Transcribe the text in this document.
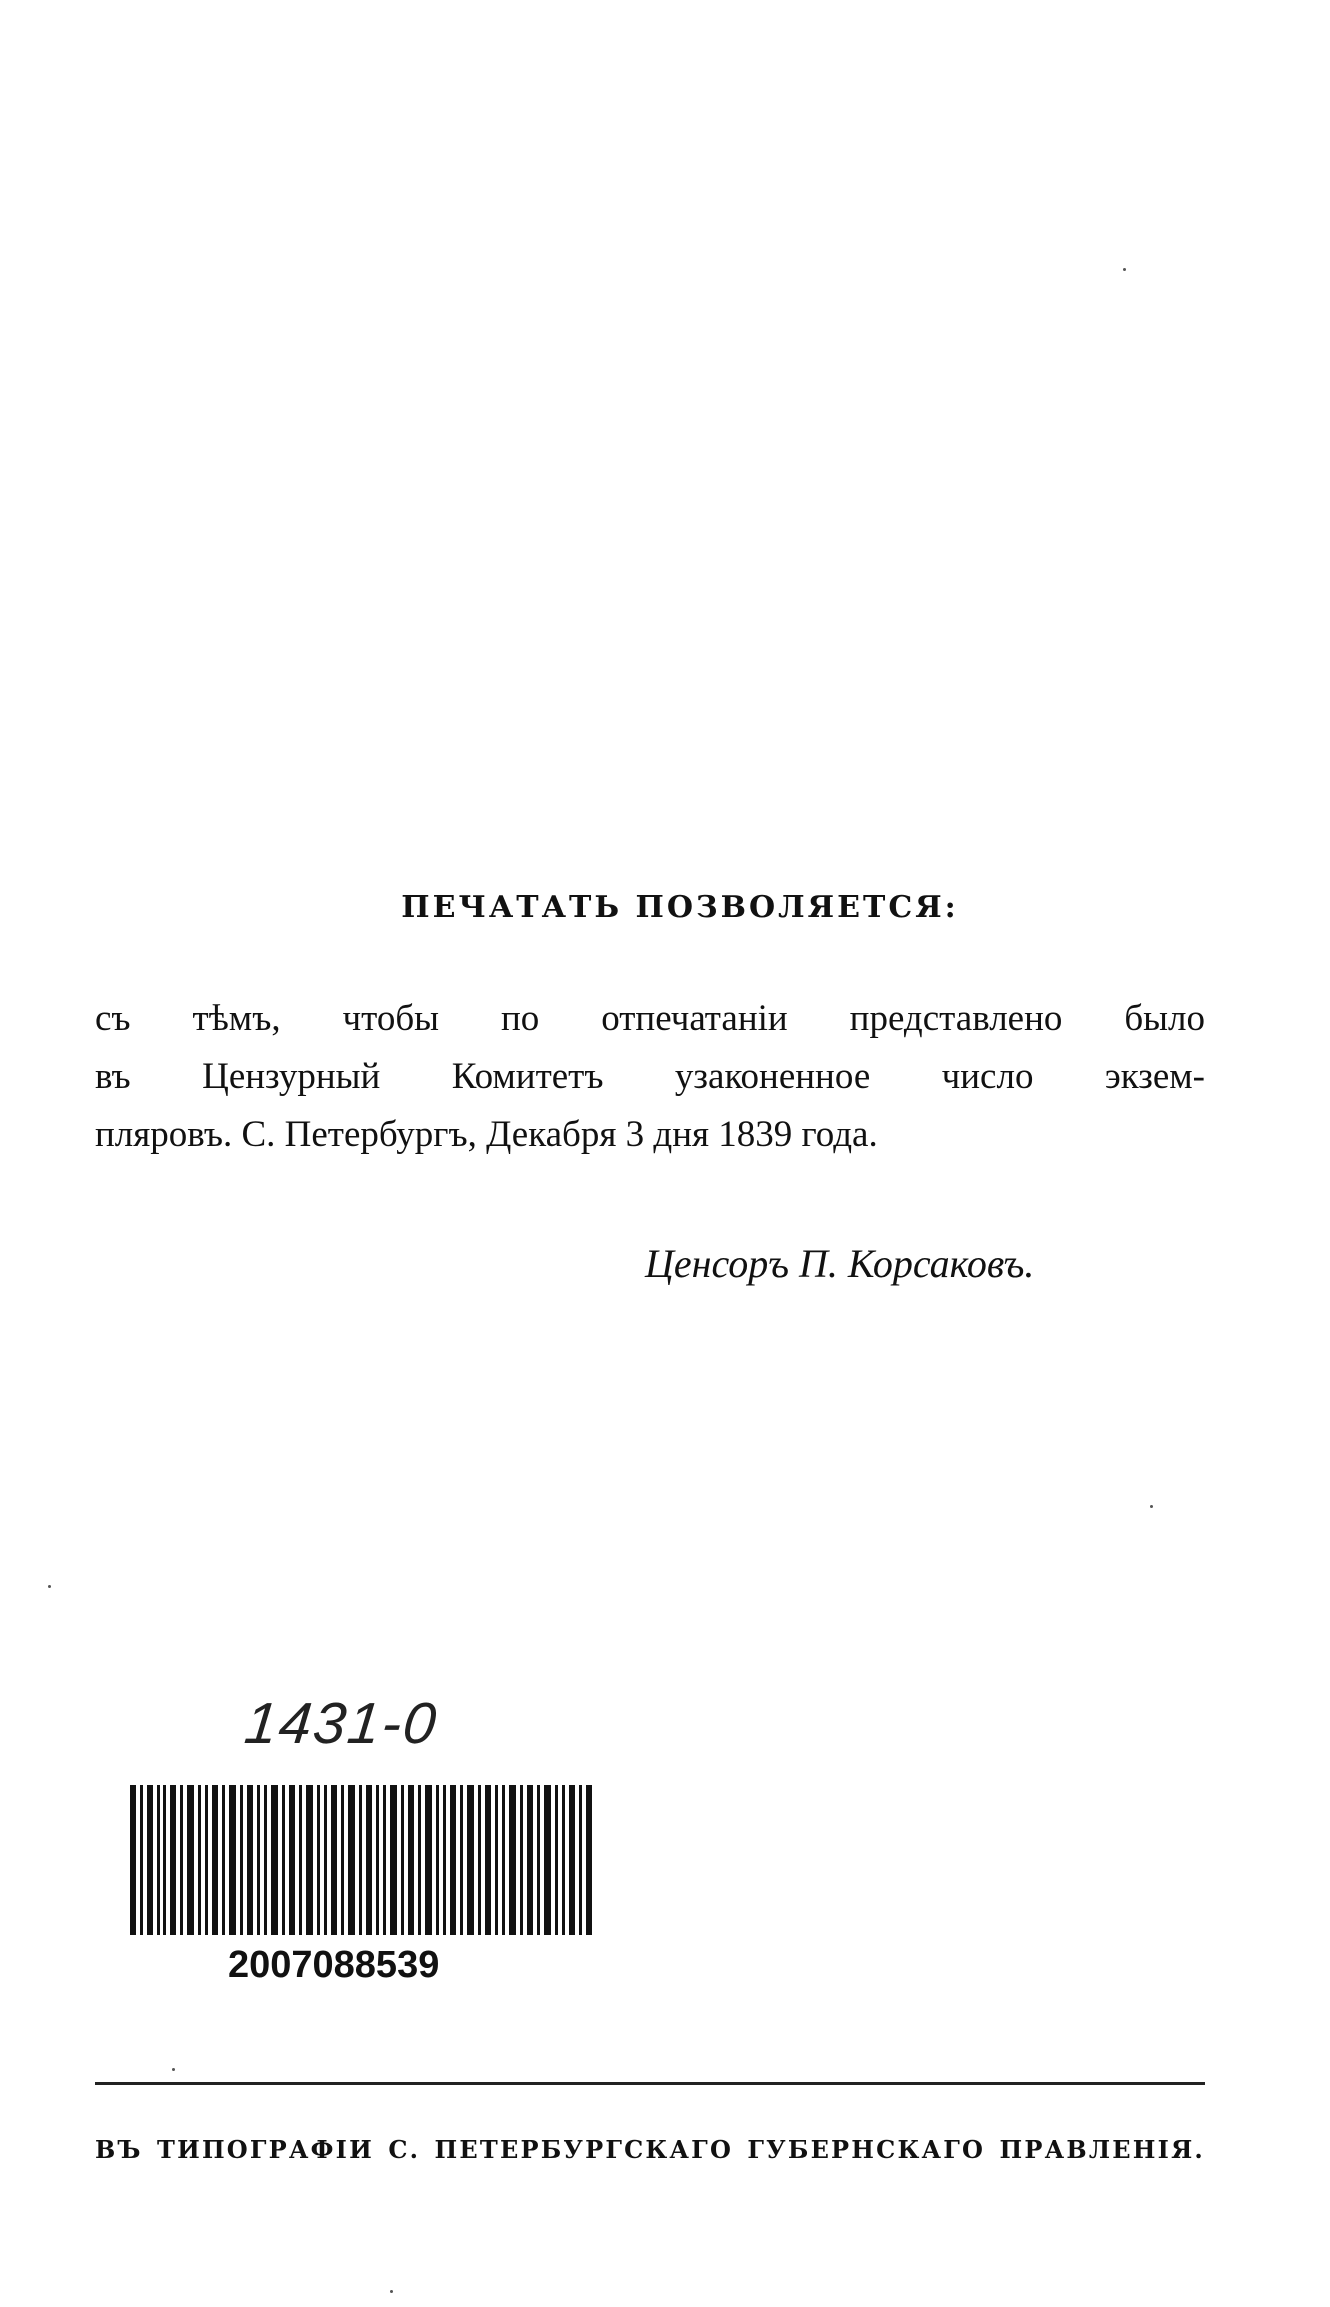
ПЕЧАТАТЬ ПОЗВОЛЯЕТСЯ:
съ тѣмъ, чтобы по отпечатанiи представлено было
въ Цензурный Комитетъ узаконенное число экзем-
пляровъ. С. Петербургъ, Декабря 3 дня 1839 года.
Ценсоръ П. Корсаковъ.
1431-0
2007088539
ВЪ ТИПОГРАФIИ С. ПЕТЕРБУРГСКАГО ГУБЕРНСКАГО ПРАВЛЕНIЯ.
